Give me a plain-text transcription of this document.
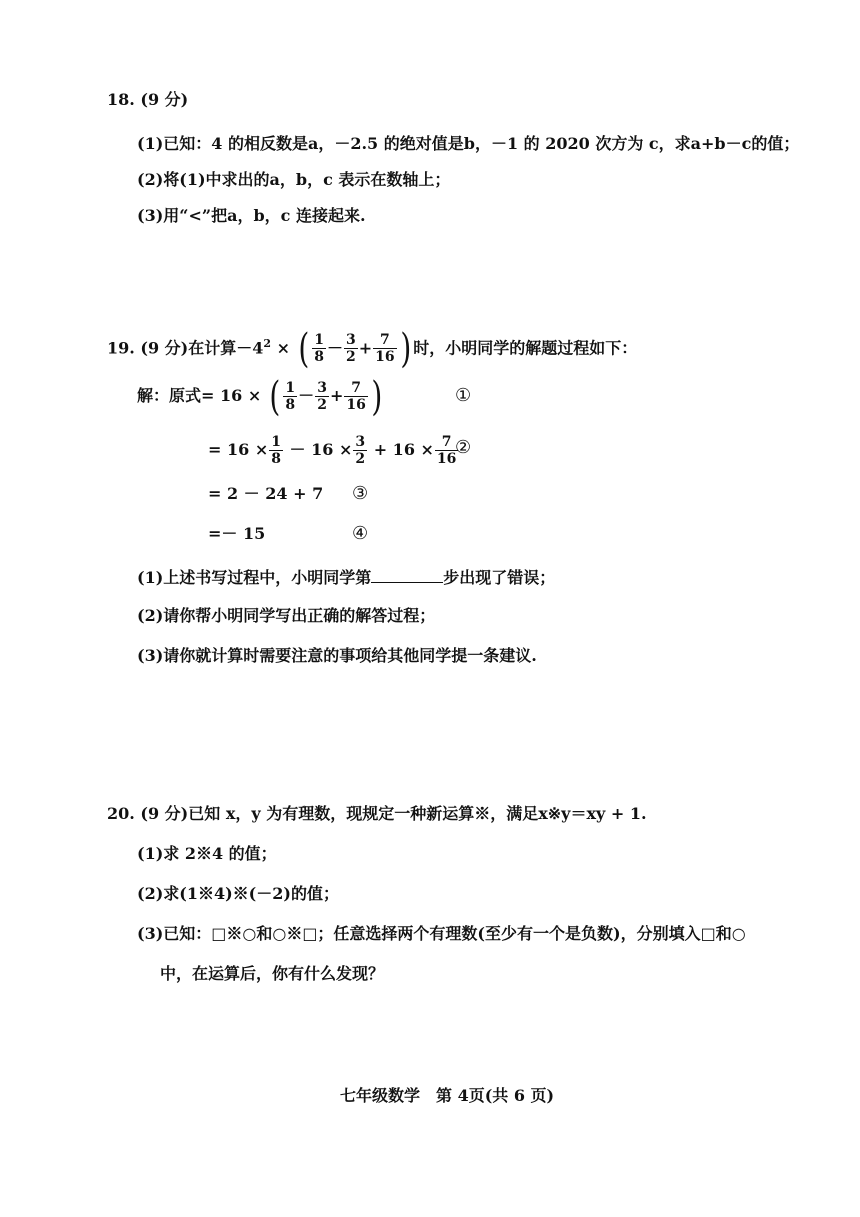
18. (9 分)
(1)已知：4 的相反数是a，－2.5 的绝对值是b，－1 的 2020 次方为 c，求a+b－c的值；
(2)将(1)中求出的a，b，c 表示在数轴上；
(3)用“<”把a，b，c 连接起来.
19. (9 分)在计算$-4^2$ × ( $\frac{1}{8} - \frac{3}{2} + \frac{7}{16}$ ) 时，小明同学的解题过程如下：
解：原式= 16 × ( $\frac{1}{8} - \frac{3}{2} + \frac{7}{16}$ )	①
= $16 \times \frac{1}{8} - 16 \times \frac{3}{2} + 16 \times \frac{7}{16}$
②
= 2 － 24 + 7 ③
=－ 15	④
(1)上述书写过程中，小明同学第	步出现了错误；
(2)请你帮小明同学写出正确的解答过程；
(3)请你就计算时需要注意的事项给其他同学提一条建议.
20. (9 分)已知 x，y 为有理数，现规定一种新运算※，满足x※y＝xy + 1.
(1)求 2※4 的值；
(2)求(1※4)※(－2)的值；
(3)已知：□※○和○※□；任意选择两个有理数(至少有一个是负数)，分别填入□和○
中，在运算后，你有什么发现？
七年级数学　第 4页(共 6 页)
